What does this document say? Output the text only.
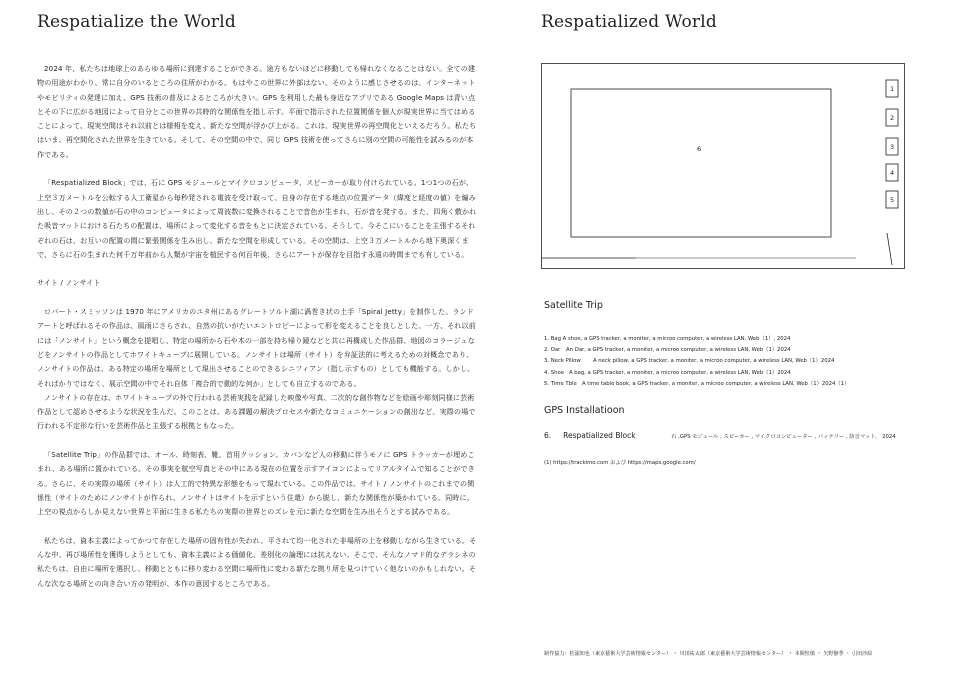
Respatialize the World

2024 年、私たちは地球上のあらゆる場所に到達することができる。途方もないほどに移動しても帰れなくなることはない。全ての建物の用途がわかり、常に自分のいるところの住所がわかる。もはやこの世界に外部はない。そのように感じさせるのは、インターネットやモビリティの発達に加え、GPS 技術の普及によるところが大きい。GPS を利用した最も身近なアプリである Google Maps は青い点とその下に広がる地図によって自分とこの世界の共時的な関係性を指し示す。平面で指示された位置関係を個人が現実世界に当てはめることによって、現実空間はそれ以前とは様相を変え、新たな空間が浮かび上がる。これは、現実世界の再空間化といえるだろう。私たちはいま、再空間化された世界を生きている。そして、その空間の中で、同じ GPS 技術を使ってさらに別の空間の可能性を試みるのが本作である。

「Respatialized Block」では、石に GPS モジュールとマイクロコンピュータ、スピーカーが取り付けられている。1つ1つの石が、上空３万メートルを公転する人工衛星から毎秒発される電波を受け取って、自身の存在する地点の位置データ（緯度と経度の値）を編み出し、その２つの数値が石の中のコンピュータによって周波数に変換されることで音色が生まれ、石が音を発する。また、四角く敷かれた吸音マットにおける石たちの配置は、場所によって変化する音をもとに決定されている。そうして、今そこにいることを主張するそれぞれの石は、お互いの配置の間に緊張関係を生み出し、新たな空間を形成している。その空間は、上空３万メートルから地下奥深くまで、さらに石の生まれた何千万年前から人類が宇宙を植民する何百年後、さらにアートが保存を目指す永遠の時間までも有している。

サイト / ノンサイト

ロバート・スミッソンは 1970 年にアメリカのユタ州にあるグレートソルト湖に渦巻き状の土手「Spiral Jetty」を制作した。ランドアートと呼ばれるその作品は、風雨にさらされ、自然の抗いがたいエントロピーによって形を変えることを良しとした。一方、それ以前には「ノンサイト」という概念を提唱し、特定の場所から石や木の一部を持ち帰り鏡などと共に再構成した作品群、地図のコラージュなどをノンサイトの作品としてホワイトキューブに展開している。ノンサイトは場所（サイト）を弁証法的に考えるための対概念であり、ノンサイトの作品は、ある特定の場所を場所として現出させることのできるシニフィアン（指し示すもの）としても機能する。しかし、そればかりではなく、展示空間の中でそれ自体「複合的で動的な何か」としても自立するのである。

ノンサイトの存在は、ホワイトキューブの外で行われる芸術実践を記録した映像や写真、二次的な創作物などを絵画や彫刻同様に芸術作品として認めさせるような状況を生んだ。このことは、ある課題の解決プロセスや新たなコミュニケーションの創出など、実際の場で行われる不定形な行いを芸術作品と主張する根拠ともなった。

「Satellite Trip」の作品群では、オール、時刻表、靴、首用クッション、カバンなど人の移動に伴うモノに GPS トラッカーが埋めこまれ、ある場所に置かれている。その事実を航空写真とその中にある現在の位置を示すアイコンによってリアルタイムで知ることができる。さらに、その実際の場所（サイト）は人工的で特異な形態をもって現れている。この作品では、サイト / ノンサイトのこれまでの関係性（サイトのためにノンサイトが作られ、ノンサイトはサイトを示すという住還）から脱し、新たな関係性が築かれている。同時に、上空の視点からしか見えない世界と平面に生きる私たちの実際の世界とのズレを元に新たな空間を生み出そうとする試みである。

私たちは、資本主義によってかつて存在した場所の固有性が失われ、平されて均一化された非場所の上を移動しながら生きている。そんな中、再び場所性を獲得しようとしても、資本主義による価値化、差別化の論理には抗えない。そこで、そんなノマド的なデラシネの私たちは、自由に場所を選択し、移動とともに移り変わる空間に場所性に変わる新たな拠り所を見つけていく他ないのかもしれない。そんな次なる場所との向き合い方の発明が、本作の意図するところである。

Respatialized World
1
2
3
4
5
6
Satellite Trip
1. Bag A shoe, a GPS tracker, a moniter, a microo computer, a wireless LAN, Web（1）, 2024
2. Oar An Oar, a GPS tracker, a moniter, a microo computer, a wireless LAN, Web（1）2024
3. Neck Pillow A neck pillow, a GPS tracker, a moniter, a microo computer, a wireless LAN, Web（1）2024
4. Shoe A bag, a GPS tracker, a moniter, a microo computer, a wireless LAN, Web（1）2024
5. Time Tble A time table book, a GPS tracker, a moniter, a microo computer, a wireless LAN, Web（1）2024（1）
GPS Installatioon
6. Respatialized Block	石 ,GPS モジュール , スピーカー , マイクロコンピューター , バッテリー , 防音マット， 2024
(1) https://trackimo.com および https://maps.google.com/
制作協力：松浦知也（東京藝術大学芸術情報センター） ・ 川田祐太郎（東京藝術大学芸術情報センター） ・ 本間恒慎 ・ 矢野静季 ・ 引田沙絵
